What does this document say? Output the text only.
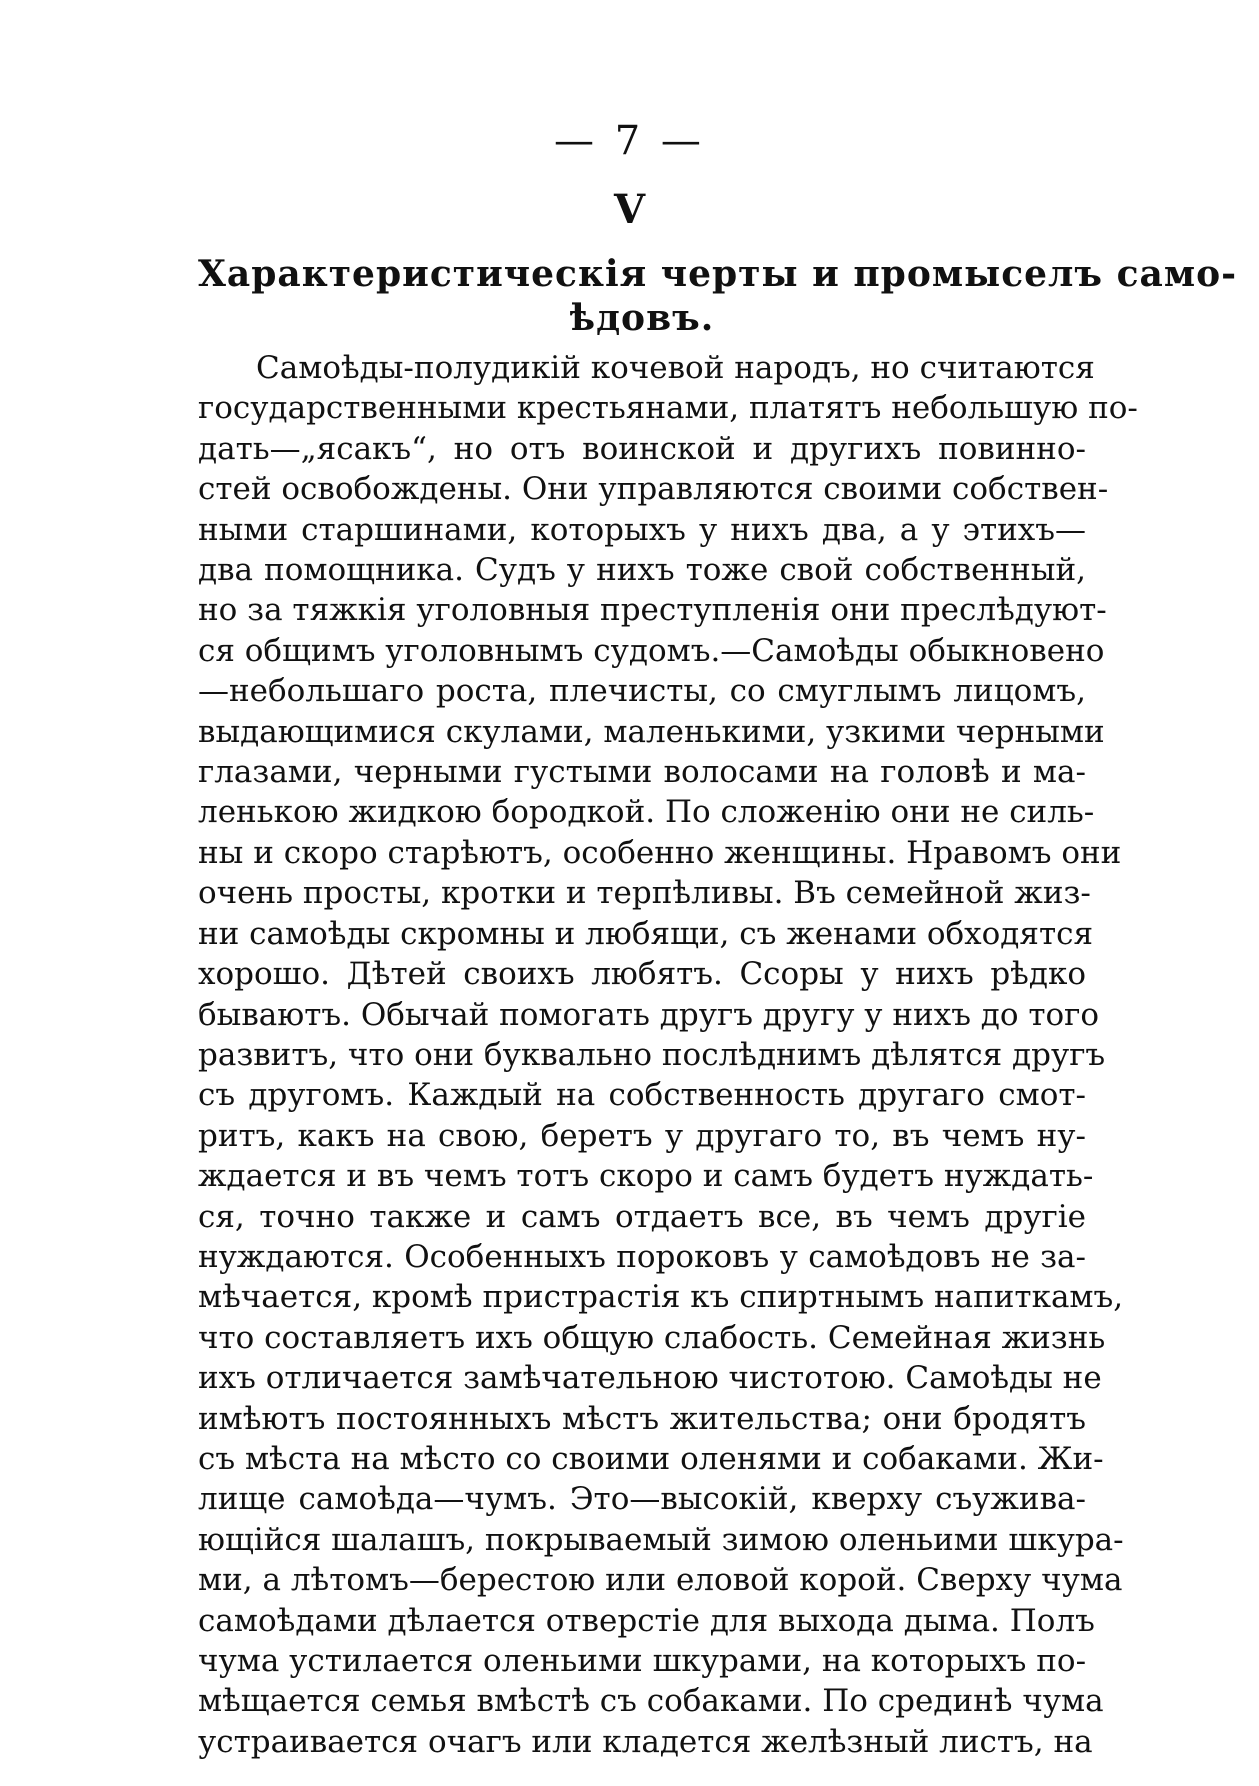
— 7 —
V
Характеристическія черты и промыселъ само-
ѣдовъ.
Самоѣды-полудикій кочевой народъ, но считаются
государственными крестьянами, платятъ небольшую по-
дать—„ясакъ“, но отъ воинской и другихъ повинно-
стей освобождены. Они управляются своими собствен-
ными старшинами, которыхъ у нихъ два, а у этихъ—
два помощника. Судъ у нихъ тоже свой собственный,
но за тяжкія уголовныя преступленія они преслѣдуют-
ся общимъ уголовнымъ судомъ.—Самоѣды обыкновено
—небольшаго роста, плечисты, со смуглымъ лицомъ,
выдающимися скулами, маленькими, узкими черными
глазами, черными густыми волосами на головѣ и ма-
ленькою жидкою бородкой. По сложенію они не силь-
ны и скоро старѣютъ, особенно женщины. Нравомъ они
очень просты, кротки и терпѣливы. Въ семейной жиз-
ни самоѣды скромны и любящи, съ женами обходятся
хорошо. Дѣтей своихъ любятъ. Ссоры у нихъ рѣдко
бываютъ. Обычай помогать другъ другу у нихъ до того
развитъ, что они буквально послѣднимъ дѣлятся другъ
съ другомъ. Каждый на собственность другаго смот-
ритъ, какъ на свою, беретъ у другаго то, въ чемъ ну-
ждается и въ чемъ тотъ скоро и самъ будетъ нуждать-
ся, точно также и самъ отдаетъ все, въ чемъ другіе
нуждаются. Особенныхъ пороковъ у самоѣдовъ не за-
мѣчается, кромѣ пристрастія къ спиртнымъ напиткамъ,
что составляетъ ихъ общую слабость. Семейная жизнь
ихъ отличается замѣчательною чистотою. Самоѣды не
имѣютъ постоянныхъ мѣстъ жительства; они бродятъ
съ мѣста на мѣсто со своими оленями и собаками. Жи-
лище самоѣда—чумъ. Это—высокій, кверху съуживa-
ющійся шалашъ, покрываемый зимою оленьими шкура-
ми, а лѣтомъ—берестою или еловой корой. Сверху чума
самоѣдами дѣлается отверстіе для выхода дыма. Полъ
чума устилается оленьими шкурами, на которыхъ по-
мѣщается семья вмѣстѣ съ собаками. По срединѣ чума
устраивается очагъ или кладется желѣзный листъ, на
